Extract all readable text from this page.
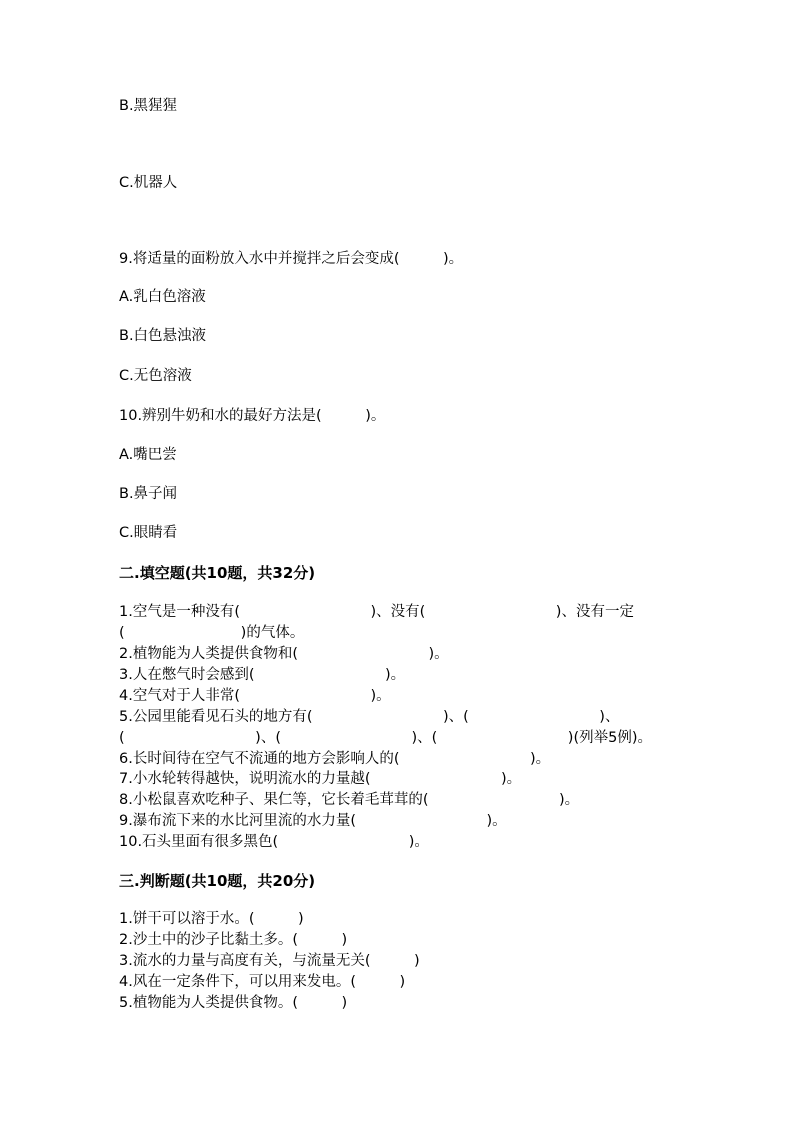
B.黑猩猩
C.机器人
9.将适量的面粉放入水中并搅拌之后会变成(　　　)。
A.乳白色溶液
B.白色悬浊液
C.无色溶液
10.辨别牛奶和水的最好方法是(　　　)。
A.嘴巴尝
B.鼻子闻
C.眼睛看
二.填空题(共10题，共32分)
1.空气是一种没有(　　　　　　　　　)、没有(　　　　　　　　　)、没有一定
(　　　　　　　　)的气体。
2.植物能为人类提供食物和(　　　　　　　　　)。
3.人在憋气时会感到(　　　　　　　　　)。
4.空气对于人非常(　　　　　　　　　)。
5.公园里能看见石头的地方有(　　　　　　　　　)、(　　　　　　　　　)、
(　　　　　　　　　)、(　　　　　　　　　)、(　　　　　　　　　)(列举5例)。
6.长时间待在空气不流通的地方会影响人的(　　　　　　　　　)。
7.小水轮转得越快，说明流水的力量越(　　　　　　　　　)。
8.小松鼠喜欢吃种子、果仁等，它长着毛茸茸的(　　　　　　　　　)。
9.瀑布流下来的水比河里流的水力量(　　　　　　　　　)。
10.石头里面有很多黑色(　　　　　　　　　)。
三.判断题(共10题，共20分)
1.饼干可以溶于水。(　　　)
2.沙土中的沙子比黏土多。(　　　)
3.流水的力量与高度有关，与流量无关(　　　)
4.风在一定条件下，可以用来发电。(　　　)
5.植物能为人类提供食物。(　　　)
